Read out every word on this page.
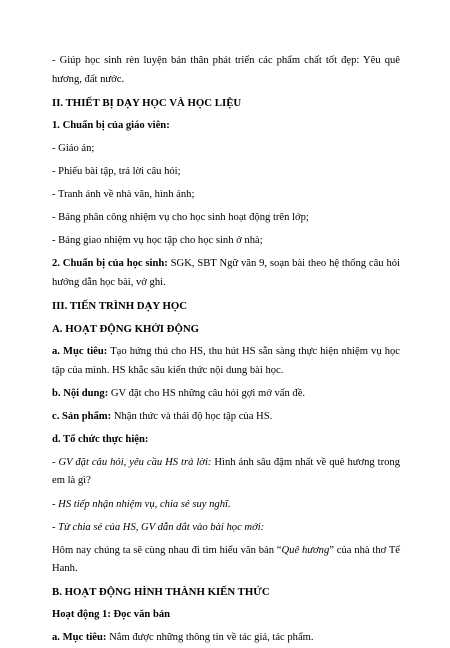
- Giúp học sinh rèn luyện bản thân phát triển các phẩm chất tốt đẹp: Yêu quê hương, đất nước.

II. THIẾT BỊ DẠY HỌC VÀ HỌC LIỆU

1. Chuẩn bị của giáo viên:

- Giáo án;

- Phiếu bài tập, trả lời câu hỏi;

- Tranh ảnh về nhà văn, hình ảnh;

- Bảng phân công nhiệm vụ cho học sinh hoạt động trên lớp;

- Bảng giao nhiệm vụ học tập cho học sinh ở nhà;

2. Chuẩn bị của học sinh: SGK, SBT Ngữ văn 9, soạn bài theo hệ thống câu hỏi hướng dẫn học bài, vở ghi.

III. TIẾN TRÌNH DẠY HỌC

A. HOẠT ĐỘNG KHỞI ĐỘNG

a. Mục tiêu: Tạo hứng thú cho HS, thu hút HS sẵn sàng thực hiện nhiệm vụ học tập của mình. HS khắc sâu kiến thức nội dung bài học.

b. Nội dung: GV đặt cho HS những câu hỏi gợi mở vấn đề.

c. Sản phẩm: Nhận thức và thái độ học tập của HS.

d. Tổ chức thực hiện:

- GV đặt câu hỏi, yêu cầu HS trả lời: Hình ảnh sâu đậm nhất về quê hương trong em là gì?

- HS tiếp nhận nhiệm vụ, chia sẻ suy nghĩ.

- Từ chia sẻ của HS, GV dẫn dắt vào bài học mới:

Hôm nay chúng ta sẽ cùng nhau đi tìm hiểu văn bản “Quê hương” của nhà thơ Tế Hanh.

B. HOẠT ĐỘNG HÌNH THÀNH KIẾN THỨC

Hoạt động 1: Đọc văn bản

a. Mục tiêu: Nắm được những thông tin về tác giả, tác phẩm.
